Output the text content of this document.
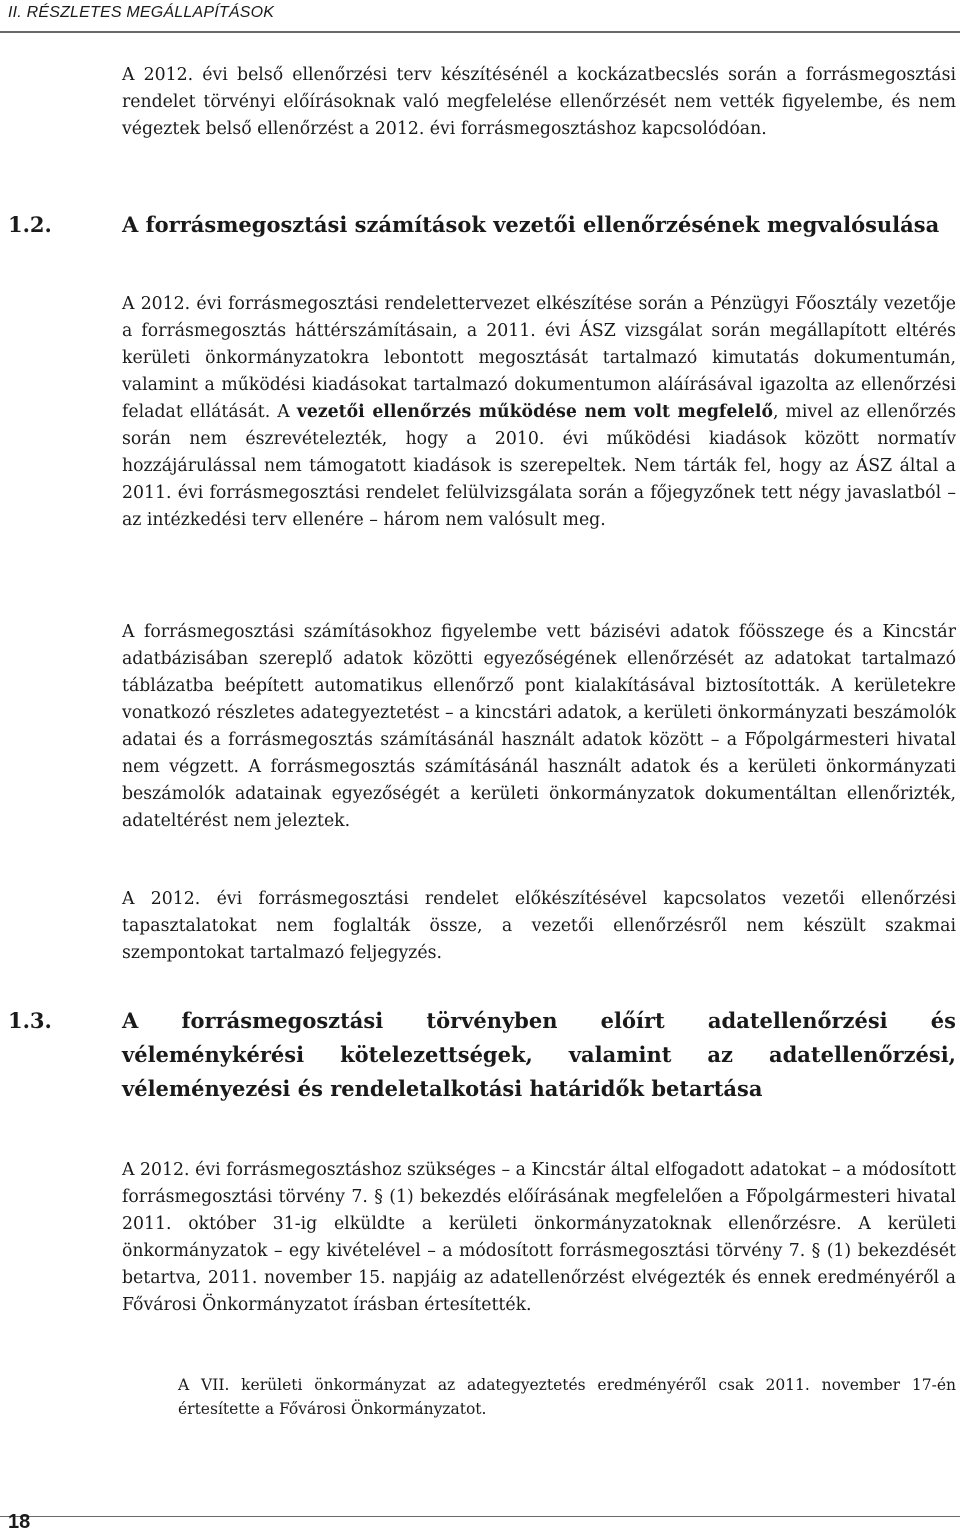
II. RÉSZLETES MEGÁLLAPÍTÁSOK

A 2012. évi belső ellenőrzési terv készítésénél a kockázatbecslés során a forrásmegosztási rendelet törvényi előírásoknak való megfelelése ellenőrzését nem vették figyelembe, és nem végeztek belső ellenőrzést a 2012. évi forrásmegosztáshoz kapcsolódóan.

1.2.	A forrásmegosztási számítások vezetői ellenőrzésének megvalósulása

A 2012. évi forrásmegosztási rendelettervezet elkészítése során a Pénzügyi Főosztály vezetője a forrásmegosztás háttérszámításain, a 2011. évi ÁSZ vizsgálat során megállapított eltérés kerületi önkormányzatokra lebontott megosztását tartalmazó kimutatás dokumentumán, valamint a működési kiadásokat tartalmazó dokumentumon aláírásával igazolta az ellenőrzési feladat ellátását. A vezetői ellenőrzés működése nem volt megfelelő, mivel az ellenőrzés során nem észrevételezték, hogy a 2010. évi működési kiadások között normatív hozzájárulással nem támogatott kiadások is szerepeltek. Nem tárták fel, hogy az ÁSZ által a 2011. évi forrásmegosztási rendelet felülvizsgálata során a főjegyzőnek tett négy javaslatból – az intézkedési terv ellenére – három nem valósult meg.

A forrásmegosztási számításokhoz figyelembe vett bázisévi adatok főösszege és a Kincstár adatbázisában szereplő adatok közötti egyezőségének ellenőrzését az adatokat tartalmazó táblázatba beépített automatikus ellenőrző pont kialakításával biztosították. A kerületekre vonatkozó részletes adategyeztetést – a kincstári adatok, a kerületi önkormányzati beszámolók adatai és a forrásmegosztás számításánál használt adatok között – a Főpolgármesteri hivatal nem végzett. A forrásmegosztás számításánál használt adatok és a kerületi önkormányzati beszámolók adatainak egyezőségét a kerületi önkormányzatok dokumentáltan ellenőrizték, adateltérést nem jeleztek.

A 2012. évi forrásmegosztási rendelet előkészítésével kapcsolatos vezetői ellenőrzési tapasztalatokat nem foglalták össze, a vezetői ellenőrzésről nem készült szakmai szempontokat tartalmazó feljegyzés.

1.3.	A forrásmegosztási törvényben előírt adatellenőrzési és véleménykérési kötelezettségek, valamint az adatellenőrzési, véleményezési és rendeletalkotási határidők betartása

A 2012. évi forrásmegosztáshoz szükséges – a Kincstár által elfogadott adatokat – a módosított forrásmegosztási törvény 7. § (1) bekezdés előírásának megfelelően a Főpolgármesteri hivatal 2011. október 31-ig elküldte a kerületi önkormányzatoknak ellenőrzésre. A kerületi önkormányzatok – egy kivételével – a módosított forrásmegosztási törvény 7. § (1) bekezdését betartva, 2011. november 15. napjáig az adatellenőrzést elvégezték és ennek eredményéről a Fővárosi Önkormányzatot írásban értesítették.

A VII. kerületi önkormányzat az adategyeztetés eredményéről csak 2011. november 17-én értesítette a Fővárosi Önkormányzatot.

18
